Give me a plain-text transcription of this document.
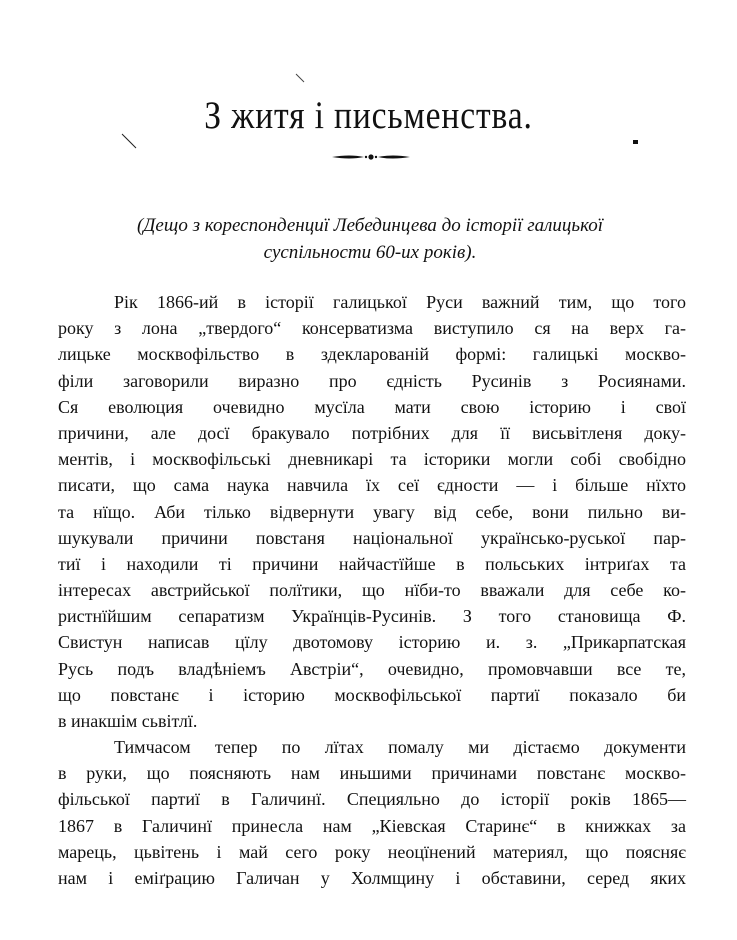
З житя і письменства.
(Дещо з кореспонденциї Лебединцева до історії галицької
суспільности 60-их років).
Рік 1866-ий в історії галицької Руси важний тим, що того
року з лона „твердого“ консерватизма виступило ся на верх га-
лицьке москвофільство в здекларованій формі: галицькі москво-
філи заговорили виразно про єдність Русинів з Росиянами.
Ся еволюция очевидно мусїла мати свою історию і свої
причини, але досї бракувало потрібних для її висьвітленя доку-
ментів, і москвофільські дневникарі та історики могли собі свобідно
писати, що сама наука навчила їх сеї єдности — і більше нїхто
та нїщо. Аби тілько відвернути увагу від себе, вони пильно ви-
шукували причини повстаня національної українсько-руської пар-
тиї і находили ті причини найчастїйше в польських інтриґах та
інтересах австрийської полїтики, що нїби-то вважали для себе ко-
ристнїйшим сепаратизм Українців-Русинів. З того становища Ф.
Свистун написав цїлу двотомову історию и. з. „Прикарпатская
Русь подъ владѣніемъ Австріи“, очевидно, промовчавши все те,
що повстанє і історию москвофільської партиї показало би
в инакшім сьвітлї.
Тимчасом тепер по лїтах помалу ми дістаємо документи
в руки, що поясняють нам иньшими причинами повстанє москво-
фільської партиї в Галичинї. Специяльно до історії років 1865—
1867 в Галичинї принесла нам „Кіевская Старинє“ в книжках за
марець, цьвітень і май сего року неоцїнений материял, що поясняє
нам і еміґрацию Галичан у Холмщину і обставини, серед яких
